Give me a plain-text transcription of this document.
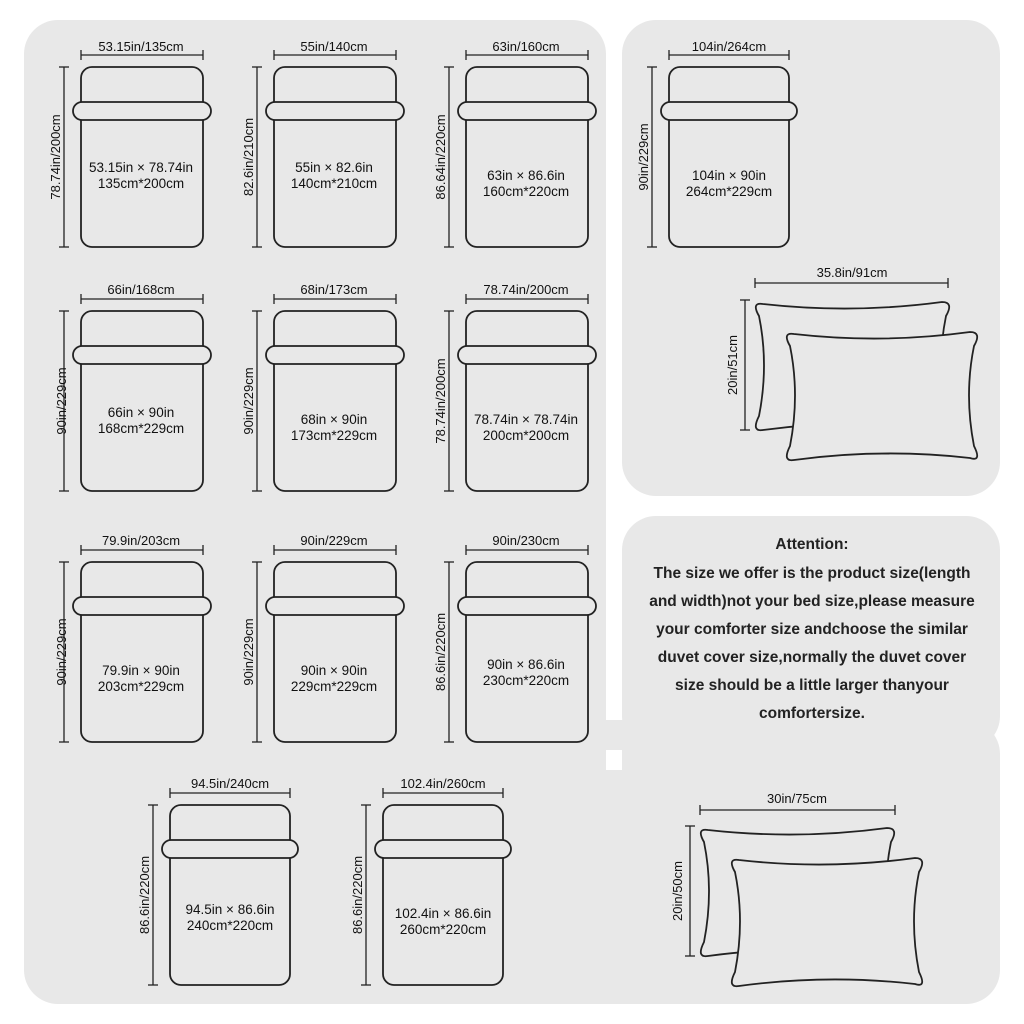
53.15in/135cm
78.74in/200cm 53.15in × 78.74in
135cm*200cm
55in/140cm
82.6in/210cm	55in × 82.6in
140cm*210cm
63in/160cm
86.64in/220cm	63in × 86.6in
160cm*220cm
104in/264cm
90in/229cm	104in × 90in
264cm*229cm
66in/168cm
90in/229cm	66in × 90in
168cm*229cm
68in/173cm
90in/229cm	68in × 90in
173cm*229cm
78.74in/200cm
78.74in/200cm 78.74in × 78.74in
200cm*200cm
79.9in/203cm
90in/229cm	79.9in × 90in
203cm*229cm
90in/229cm
90in/229cm	90in × 90in
229cm*229cm
90in/230cm
86.6in/220cm	90in × 86.6in
230cm*220cm
94.5in/240cm
86.6in/220cm 94.5in × 86.6in
240cm*220cm
102.4in/260cm
86.6in/220cm 102.4in × 86.6in
260cm*220cm
35.8in/91cm
20in/51cm
30in/75cm
20in/50cm
Attention:
The size we offer is the product size(length
and width)not your bed size,please measure
your comforter size andchoose the similar
duvet cover size,normally the duvet cover
size should be a little larger thanyour
comfortersize.
